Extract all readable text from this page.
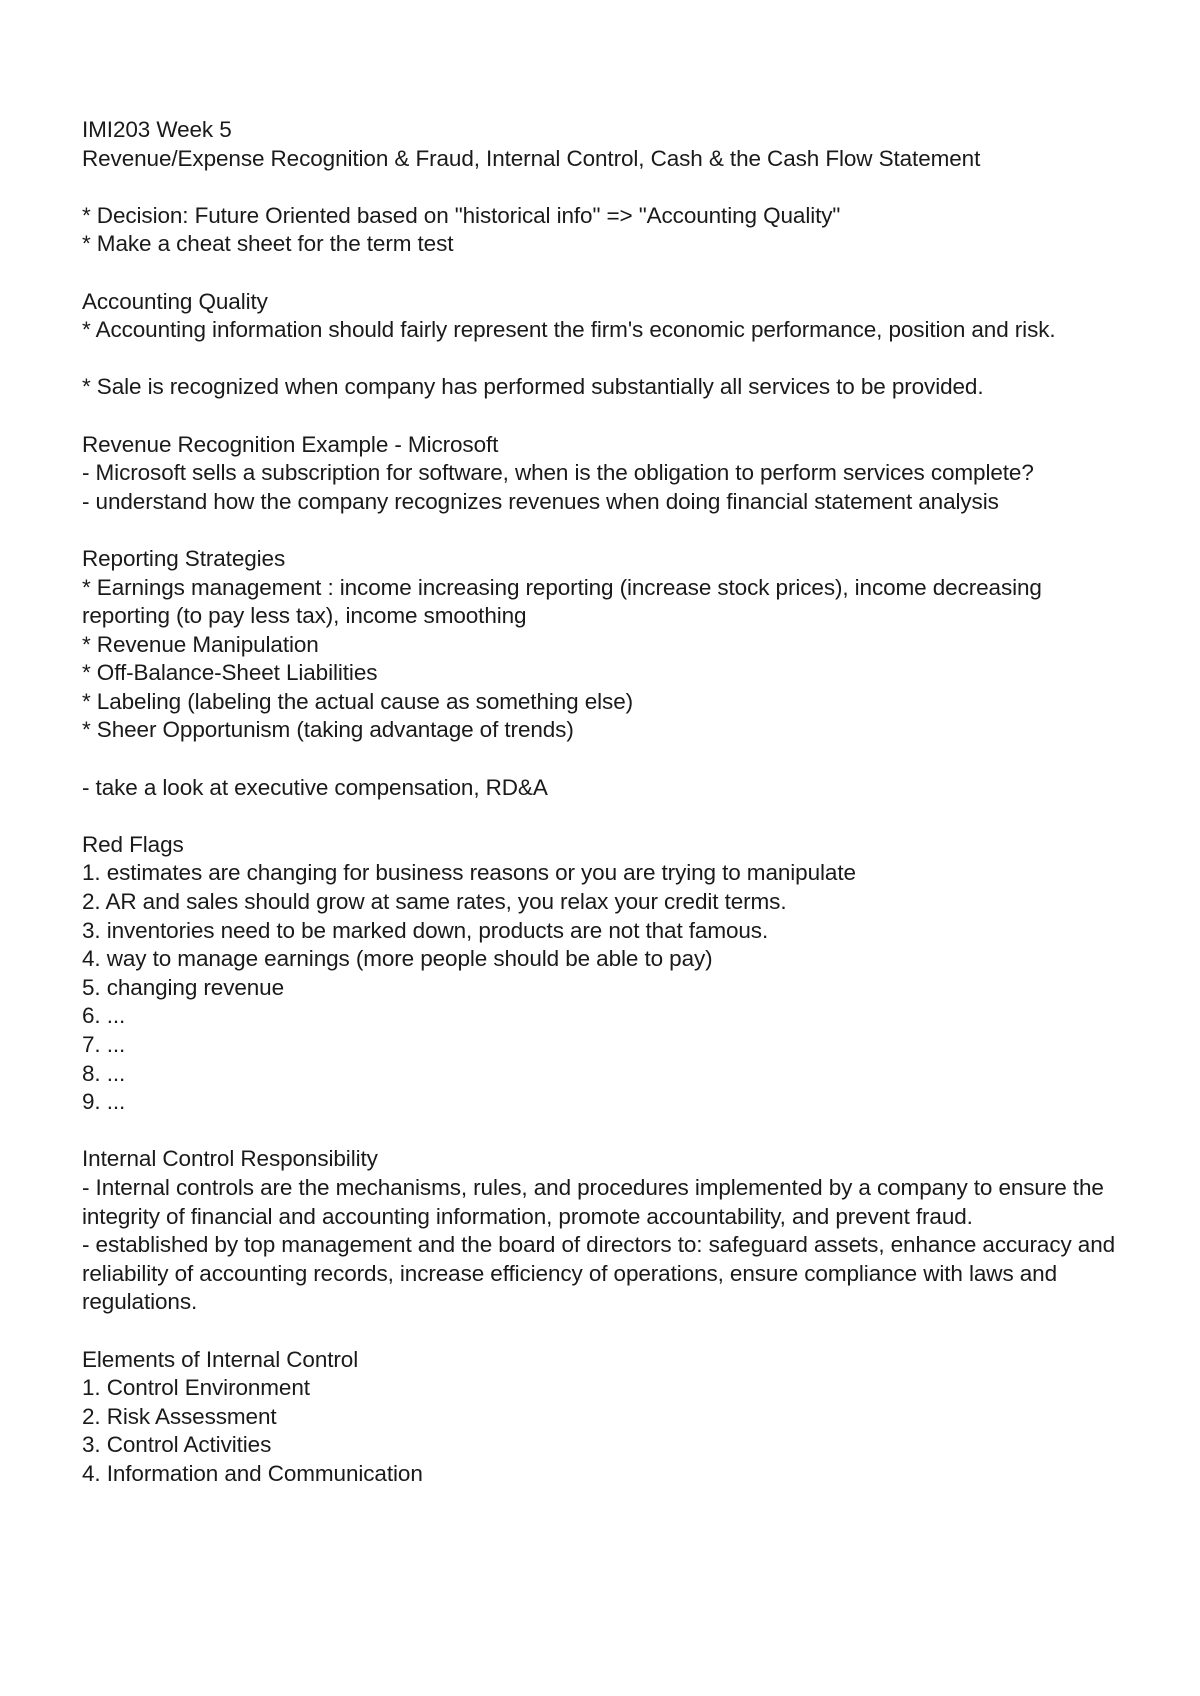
IMI203 Week 5
Revenue/Expense Recognition & Fraud, Internal Control, Cash & the Cash Flow Statement
* Decision: Future Oriented based on "historical info" => "Accounting Quality"
* Make a cheat sheet for the term test
Accounting Quality
* Accounting information should fairly represent the firm's economic performance, position and risk.
* Sale is recognized when company has performed substantially all services to be provided.
Revenue Recognition Example - Microsoft
- Microsoft sells a subscription for software, when is the obligation to perform services complete?
- understand how the company recognizes revenues when doing financial statement analysis
Reporting Strategies
* Earnings management : income increasing reporting (increase stock prices), income decreasing reporting (to pay less tax), income smoothing
* Revenue Manipulation
* Off-Balance-Sheet Liabilities
* Labeling (labeling the actual cause as something else)
* Sheer Opportunism (taking advantage of trends)
- take a look at executive compensation, RD&A
Red Flags
1. estimates are changing for business reasons or you are trying to manipulate
2. AR and sales should grow at same rates, you relax your credit terms.
3. inventories need to be marked down, products are not that famous.
4. way to manage earnings (more people should be able to pay)
5. changing revenue
6. ...
7. ...
8. ...
9. ...
Internal Control Responsibility
- Internal controls are the mechanisms, rules, and procedures implemented by a company to ensure the integrity of financial and accounting information, promote accountability, and prevent fraud.
- established by top management and the board of directors to: safeguard assets, enhance accuracy and reliability of accounting records, increase efficiency of operations, ensure compliance with laws and regulations.
Elements of Internal Control
1. Control Environment
2. Risk Assessment
3. Control Activities
4. Information and Communication
